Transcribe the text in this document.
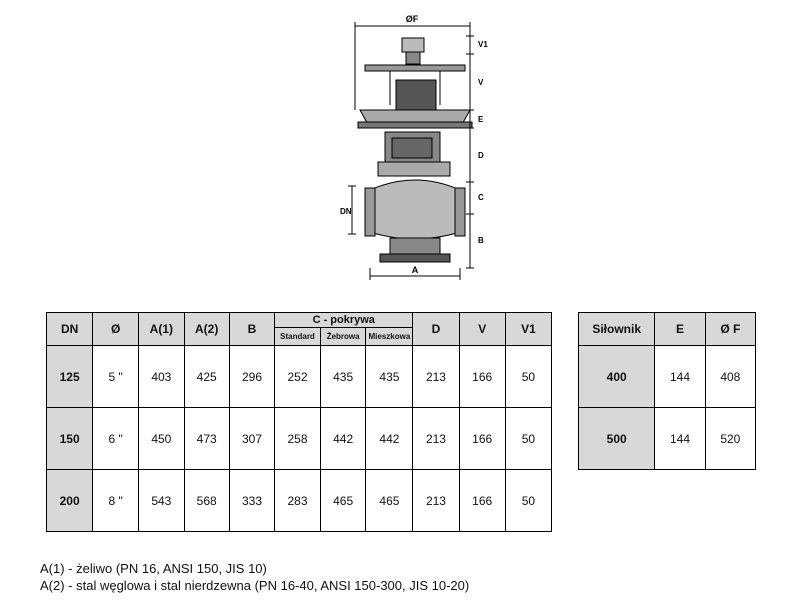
ØF
V1
V
E
D
C
B
A
DN
DN	Ø	A(1)	A(2)	B	C - pokrywa			D	V	V1
					Standard	Żebrowa	Mieszkowa			
125	5 "	403	425	296	252	435	435	213	166	50
150	6 "	450	473	307	258	442	442	213	166	50
200	8 "	543	568	333	283	465	465	213	166	50
Siłownik	E	Ø F
400	144	408
500	144	520
A(1) - żeliwo (PN 16, ANSI 150, JIS 10)
A(2) - stal węglowa i stal nierdzewna (PN 16-40, ANSI 150-300, JIS 10-20)
